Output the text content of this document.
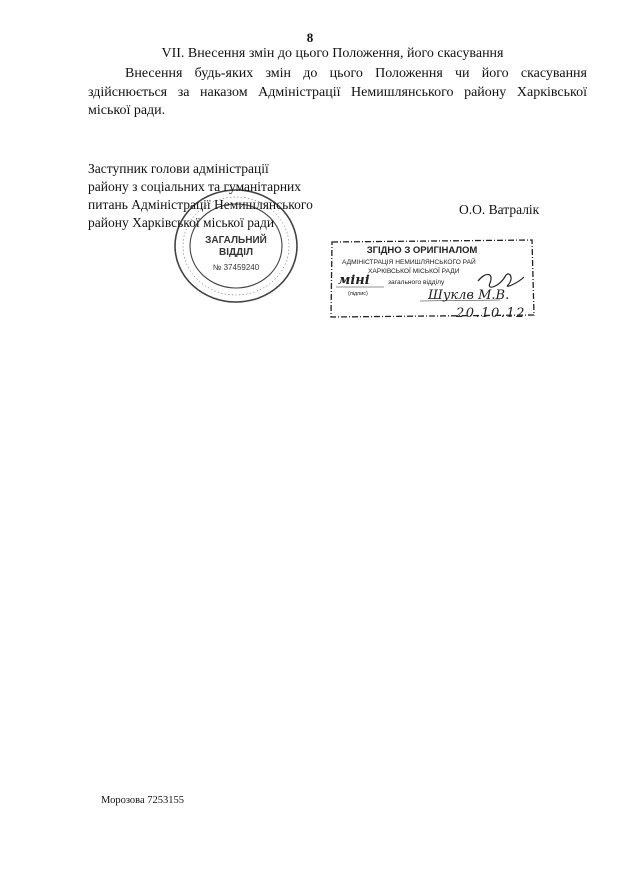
8
VII. Внесення змін до цього Положення, його скасування
Внесення будь-яких змін до цього Положення чи його скасування здійснюється за наказом Адміністрації Немишлянського району Харківської міської ради.
Заступник голови адміністрації
району з соціальних та гуманітарних
питань Адміністрації Немишлянського
району Харківської міської ради
О.О. Ватралік
ЗАГАЛЬНИЙ
ВІДДІЛ
№ 37459240
ЗГІДНО З ОРИГІНАЛОМ
АДМІНІСТРАЦІЯ НЕМИШЛЯНСЬКОГО РАЙ
ХАРКІВСЬКОЇ МІСЬКОЇ РАДИ
міні	загального відділу
(підпис)	Шуклв М.В.
20.10.12
Морозова 7253155
